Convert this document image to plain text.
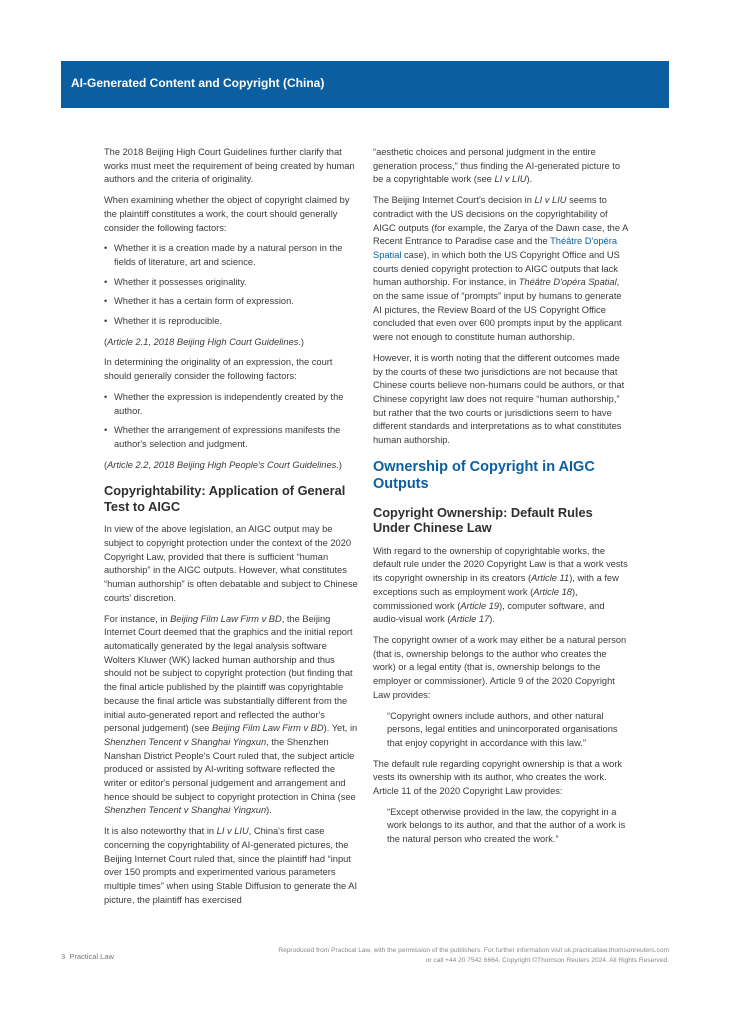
AI-Generated Content and Copyright (China)

The 2018 Beijing High Court Guidelines further clarify that works must meet the requirement of being created by human authors and the criteria of originality.

When examining whether the object of copyright claimed by the plaintiff constitutes a work, the court should generally consider the following factors:

• Whether it is a creation made by a natural person in the fields of literature, art and science.
• Whether it possesses originality.
• Whether it has a certain form of expression.
• Whether it is reproducible.

(Article 2.1, 2018 Beijing High Court Guidelines.)

In determining the originality of an expression, the court should generally consider the following factors:

• Whether the expression is independently created by the author.
• Whether the arrangement of expressions manifests the author's selection and judgment.

(Article 2.2, 2018 Beijing High People's Court Guidelines.)

Copyrightability: Application of General Test to AIGC

In view of the above legislation, an AIGC output may be subject to copyright protection under the context of the 2020 Copyright Law, provided that there is sufficient “human authorship” in the AIGC outputs. However, what constitutes “human authorship” is often debatable and subject to Chinese courts' discretion.

For instance, in Beijing Film Law Firm v BD, the Beijing Internet Court deemed that the graphics and the initial report automatically generated by the legal analysis software Wolters Kluwer (WK) lacked human authorship and thus should not be subject to copyright protection (but finding that the final article published by the plaintiff was copyrightable because the final article was substantially different from the initial auto-generated report and reflected the author's personal judgement) (see Beijing Film Law Firm v BD). Yet, in Shenzhen Tencent v Shanghai Yingxun, the Shenzhen Nanshan District People's Court ruled that, the subject article produced or assisted by AI-writing software reflected the writer or editor's personal judgement and arrangement and hence should be subject to copyright protection in China (see Shenzhen Tencent v Shanghai Yingxun).

It is also noteworthy that in LI v LIU, China's first case concerning the copyrightability of AI-generated pictures, the Beijing Internet Court ruled that, since the plaintiff had “input over 150 prompts and experimented various parameters multiple times” when using Stable Diffusion to generate the AI picture, the plaintiff has exercised

“aesthetic choices and personal judgment in the entire generation process,” thus finding the AI-generated picture to be a copyrightable work (see LI v LIU).

The Beijing Internet Court's decision in LI v LIU seems to contradict with the US decisions on the copyrightability of AIGC outputs (for example, the Zarya of the Dawn case, the A Recent Entrance to Paradise case and the Théâtre D'opéra Spatial case), in which both the US Copyright Office and US courts denied copyright protection to AIGC outputs that lack human authorship. For instance, in Théâtre D'opéra Spatial, on the same issue of “prompts” input by humans to generate AI pictures, the Review Board of the US Copyright Office concluded that even over 600 prompts input by the applicant were not enough to constitute human authorship.

However, it is worth noting that the different outcomes made by the courts of these two jurisdictions are not because that Chinese courts believe non-humans could be authors, or that Chinese copyright law does not require “human authorship,” but rather that the two courts or jurisdictions seem to have different standards and interpretations as to what constitutes human authorship.

Ownership of Copyright in AIGC Outputs
Copyright Ownership: Default Rules Under Chinese Law

With regard to the ownership of copyrightable works, the default rule under the 2020 Copyright Law is that a work vests its copyright ownership in its creators (Article 11), with a few exceptions such as employment work (Article 18), commissioned work (Article 19), computer software, and audio-visual work (Article 17).

The copyright owner of a work may either be a natural person (that is, ownership belongs to the author who creates the work) or a legal entity (that is, ownership belongs to the employer or commissioner). Article 9 of the 2020 Copyright Law provides:

“Copyright owners include authors, and other natural persons, legal entities and unincorporated organisations that enjoy copyright in accordance with this law.”

The default rule regarding copyright ownership is that a work vests its ownership with its author, who creates the work. Article 11 of the 2020 Copyright Law provides:

“Except otherwise provided in the law, the copyright in a work belongs to its author, and that the author of a work is the natural person who created the work.”

3 Practical Law
Reproduced from Practical Law, with the permission of the publishers. For further information visit uk.practicallaw.thomsonreuters.com
or call +44 20 7542 6664. Copyright ©Thomson Reuters 2024. All Rights Reserved.
